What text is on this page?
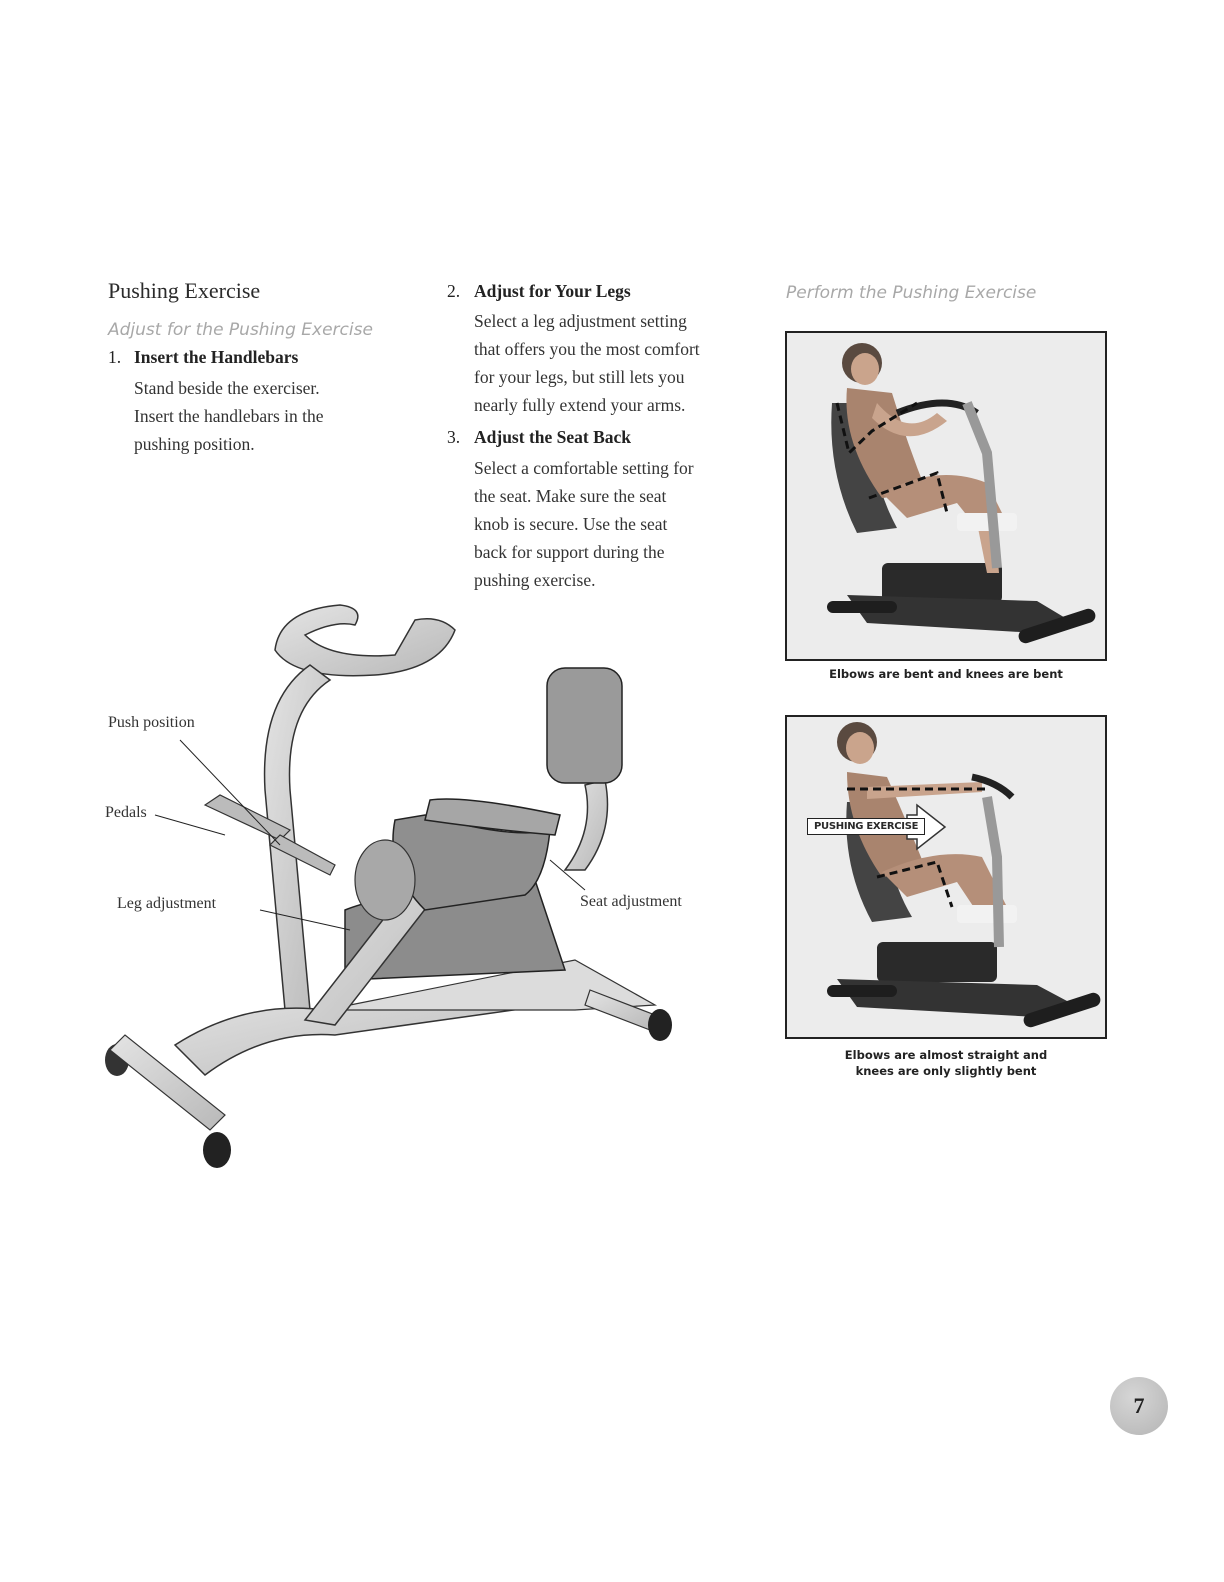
Pushing Exercise
Adjust for the Pushing Exercise
1. Insert the Handlebars
Stand beside the exerciser.
Insert the handlebars in the
pushing position.
2. Adjust for Your Legs
Select a leg adjustment setting
that offers you the most comfort
for your legs, but still lets you
nearly fully extend your arms.
3. Adjust the Seat Back
Select a comfortable setting for
the seat. Make sure the seat
knob is secure. Use the seat
back for support during the
pushing exercise.
Perform the Pushing Exercise
Elbows are bent and knees are bent
PUSHING EXERCISE
Elbows are almost straight and
knees are only slightly bent
Push position
Pedals
Leg adjustment	Seat adjustment
7
